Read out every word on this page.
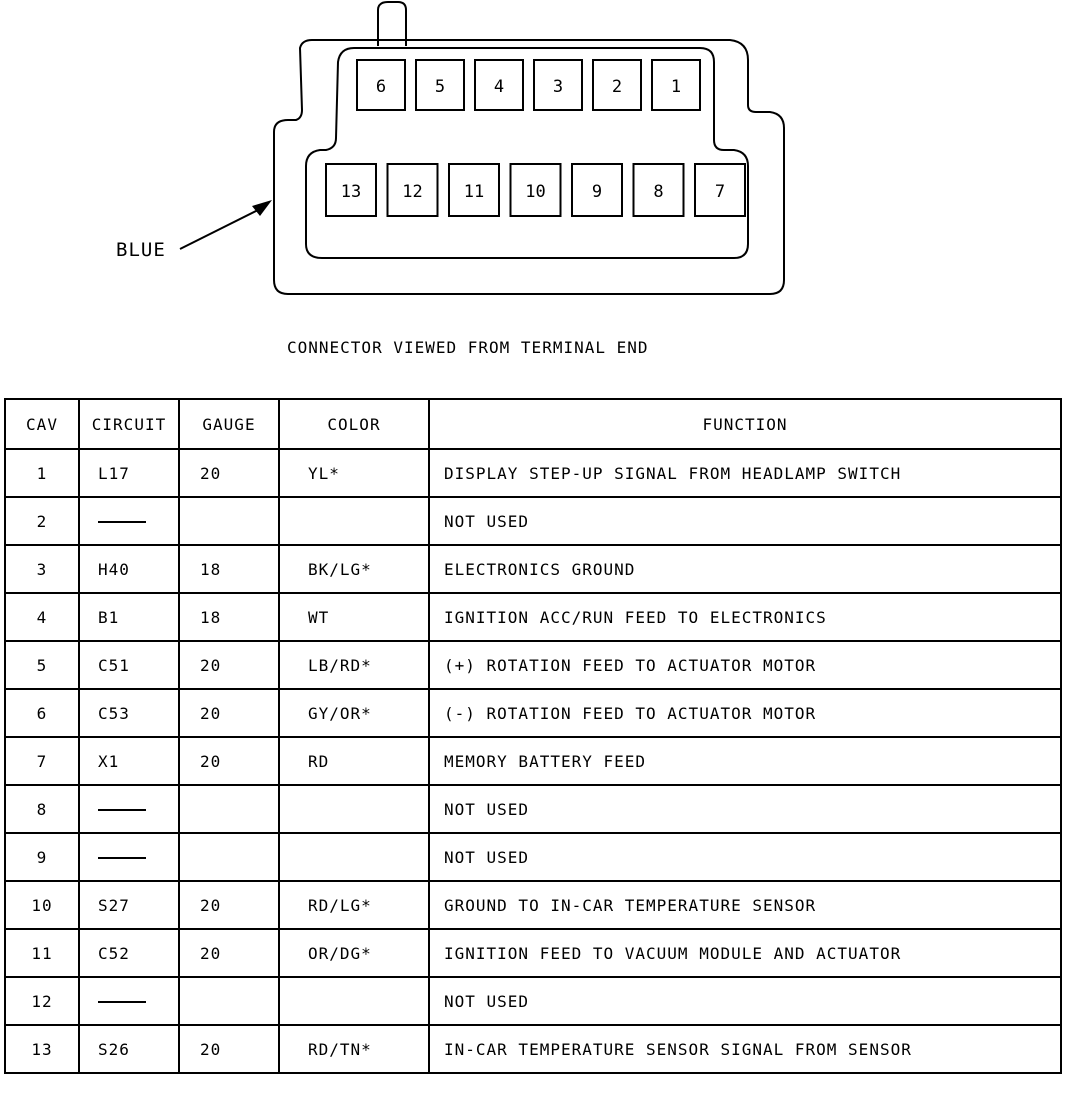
6	5	4	3	2	1
13 12 11 10	9	8	7
BLUE
CONNECTOR VIEWED FROM TERMINAL END
CAV	CIRCUIT	GAUGE	COLOR	FUNCTION
1	L17	20	YL*	DISPLAY STEP-UP SIGNAL FROM HEADLAMP SWITCH
2				NOT USED
3	H40	18	BK/LG*	ELECTRONICS GROUND
4	B1	18	WT	IGNITION ACC/RUN FEED TO ELECTRONICS
5	C51	20	LB/RD*	(+) ROTATION FEED TO ACTUATOR MOTOR
6	C53	20	GY/OR*	(-) ROTATION FEED TO ACTUATOR MOTOR
7	X1	20	RD	MEMORY BATTERY FEED
8				NOT USED
9				NOT USED
10	S27	20	RD/LG*	GROUND TO IN-CAR TEMPERATURE SENSOR
11	C52	20	OR/DG*	IGNITION FEED TO VACUUM MODULE AND ACTUATOR
12				NOT USED
13	S26	20	RD/TN*	IN-CAR TEMPERATURE SENSOR SIGNAL FROM SENSOR
